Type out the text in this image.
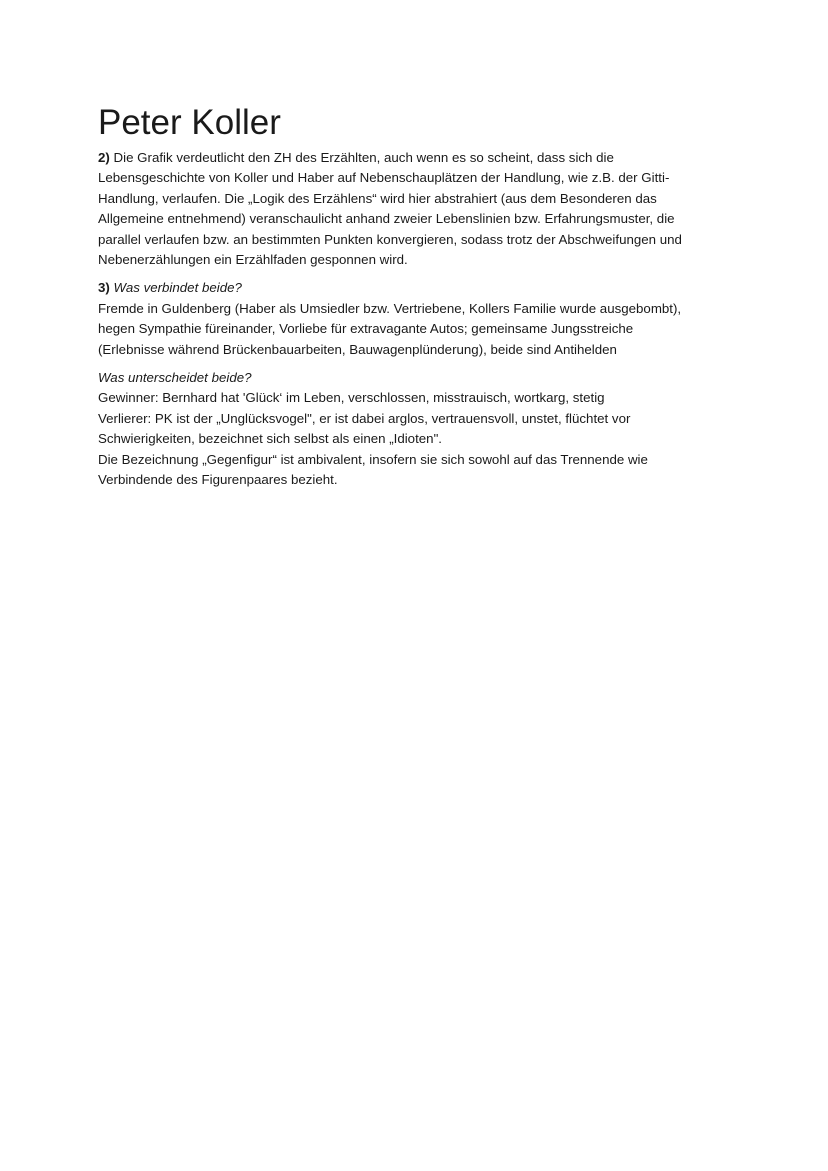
Peter Koller

2) Die Grafik verdeutlicht den ZH des Erzählten, auch wenn es so scheint, dass sich die
Lebensgeschichte von Koller und Haber auf Nebenschauplätzen der Handlung, wie z.B. der Gitti-
Handlung, verlaufen. Die „Logik des Erzählens“ wird hier abstrahiert (aus dem Besonderen das
Allgemeine entnehmend) veranschaulicht anhand zweier Lebenslinien bzw. Erfahrungsmuster, die
parallel verlaufen bzw. an bestimmten Punkten konvergieren, sodass trotz der Abschweifungen und
Nebenerzählungen ein Erzählfaden gesponnen wird.

3) Was verbindet beide?
Fremde in Guldenberg (Haber als Umsiedler bzw. Vertriebene, Kollers Familie wurde ausgebombt),
hegen Sympathie füreinander, Vorliebe für extravagante Autos; gemeinsame Jungsstreiche
(Erlebnisse während Brückenbauarbeiten, Bauwagenplünderung), beide sind Antihelden

Was unterscheidet beide?
Gewinner: Bernhard hat 'Glück‘ im Leben, verschlossen, misstrauisch, wortkarg, stetig
Verlierer: PK ist der „Unglücksvogel", er ist dabei arglos, vertrauensvoll, unstet, flüchtet vor
Schwierigkeiten, bezeichnet sich selbst als einen „Idioten".
Die Bezeichnung „Gegenfigur“ ist ambivalent, insofern sie sich sowohl auf das Trennende wie
Verbindende des Figurenpaares bezieht.
